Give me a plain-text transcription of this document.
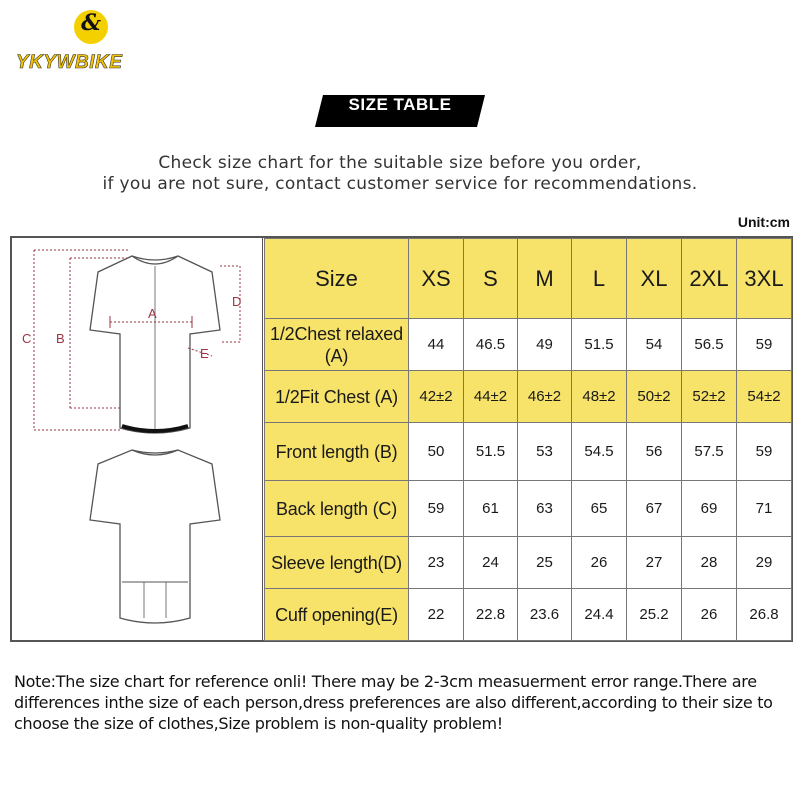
&
YKYWBIKE
SIZE TABLE
Check size chart for the suitable size before you order,
if you are not sure, contact customer service for recommendations.
Unit:cm
A
B
C
D
E
Size	XS	S	M	L	XL	2XL	3XL
1/2Chest relaxed (A)	44	46.5	49	51.5	54	56.5	59
1/2Fit Chest (A)	42±2	44±2	46±2	48±2	50±2	52±2	54±2
Front length (B)	50	51.5	53	54.5	56	57.5	59
Back length (C)	59	61	63	65	67	69	71
Sleeve length(D)	23	24	25	26	27	28	29
Cuff opening(E)	22	22.8	23.6	24.4	25.2	26	26.8
Note:The size chart for reference onli! There may be 2-3cm measuerment error range.There are differences inthe size of each person,dress preferences are also different,according to their size to choose the size of clothes,Size problem is non-quality problem!
